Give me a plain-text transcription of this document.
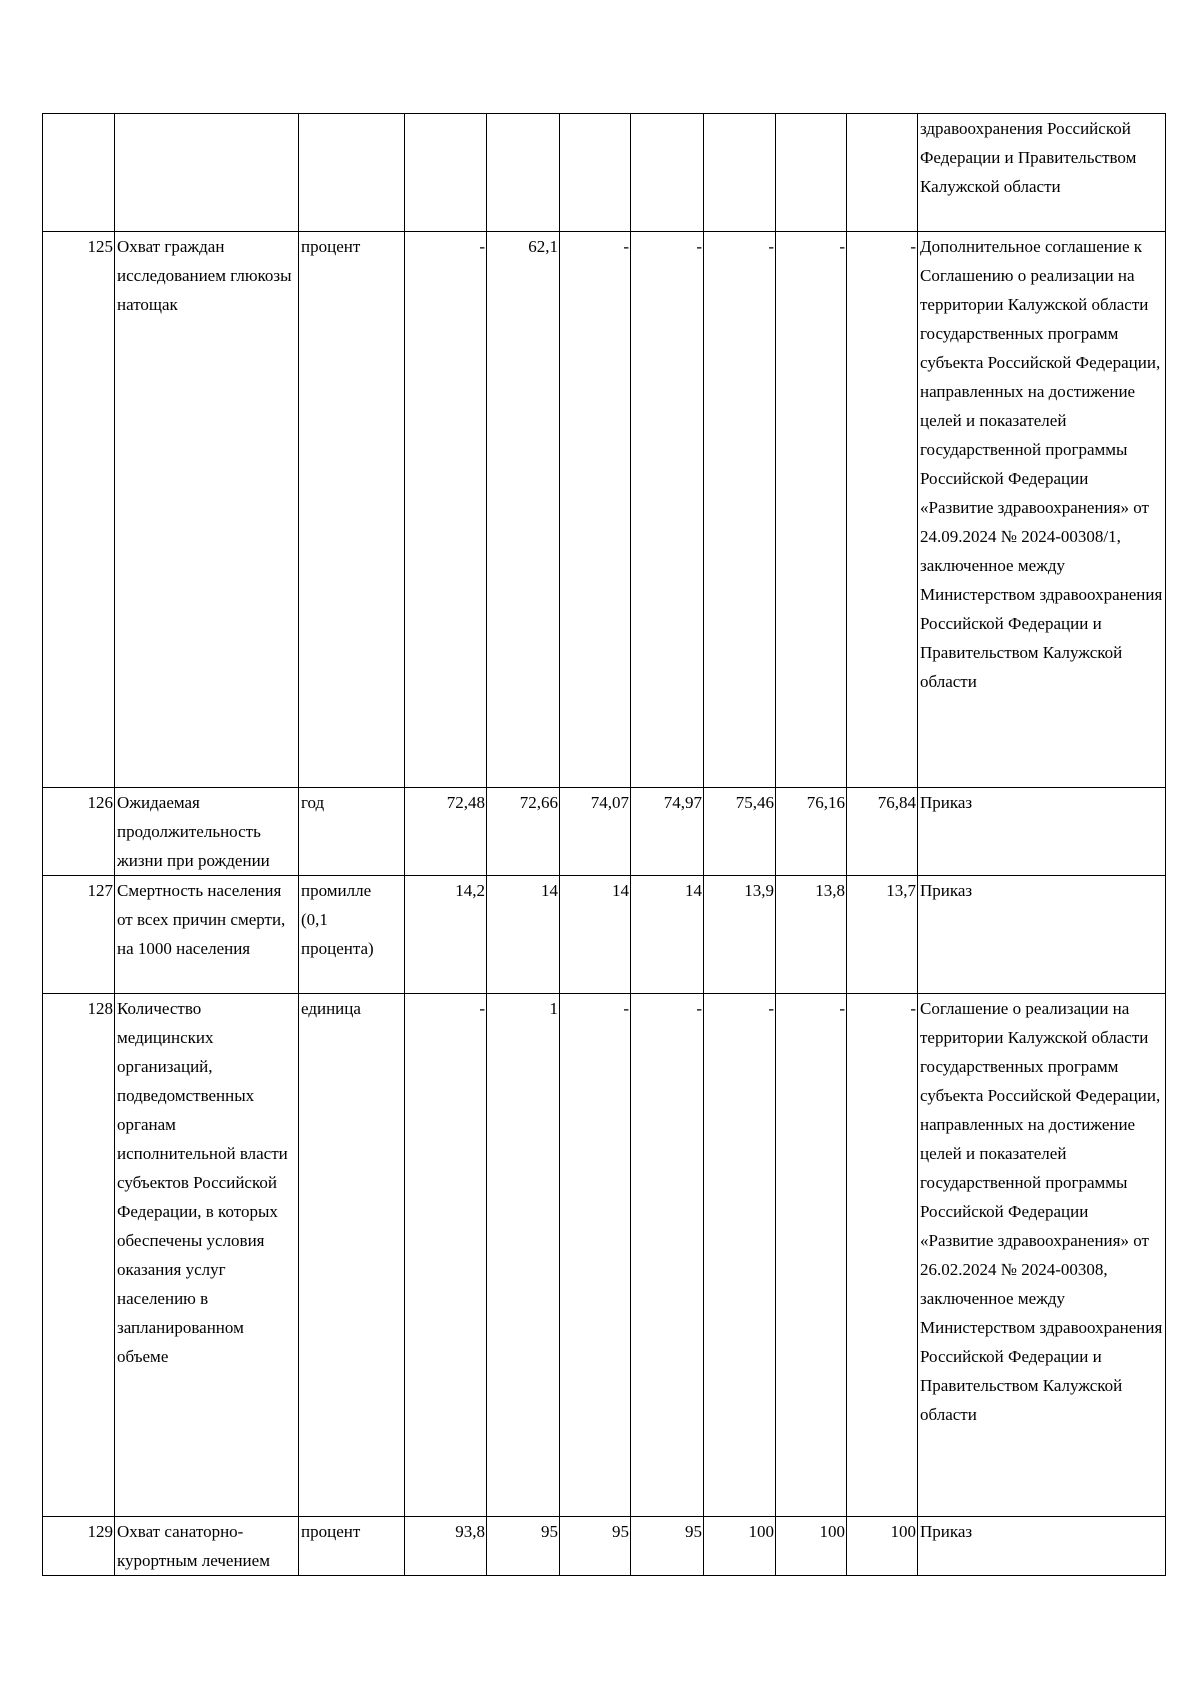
										здравоохранения Российской Федерации и Правительством Калужской области
125	Охват граждан исследованием глюкозы натощак	процент	-	62,1	-	-	-	-	-	Дополнительное соглашение к Соглашению о реализации на территории Калужской области государственных программ субъекта Российской Федерации, направленных на достижение целей и показателей государственной программы Российской Федерации «Развитие здравоохранения» от 24.09.2024 № 2024-00308/1, заключенное между Министерством здравоохранения Российской Федерации и Правительством Калужской области
126	Ожидаемая продолжительность жизни при рождении	год	72,48	72,66	74,07	74,97	75,46	76,16	76,84	Приказ
127	Смертность населения от всех причин смерти, на 1000 населения	промилле (0,1 процента)	14,2	14	14	14	13,9	13,8	13,7	Приказ
128	Количество медицинских организаций, подведомственных органам исполнительной власти субъектов Российской Федерации, в которых обеспечены условия оказания услуг населению в запланированном объеме	единица	-	1	-	-	-	-	-	Соглашение о реализации на территории Калужской области государственных программ субъекта Российской Федерации, направленных на достижение целей и показателей государственной программы Российской Федерации «Развитие здравоохранения» от 26.02.2024 № 2024-00308, заключенное между Министерством здравоохранения Российской Федерации и Правительством Калужской области
129	Охват санаторно-курортным лечением	процент	93,8	95	95	95	100	100	100	Приказ
